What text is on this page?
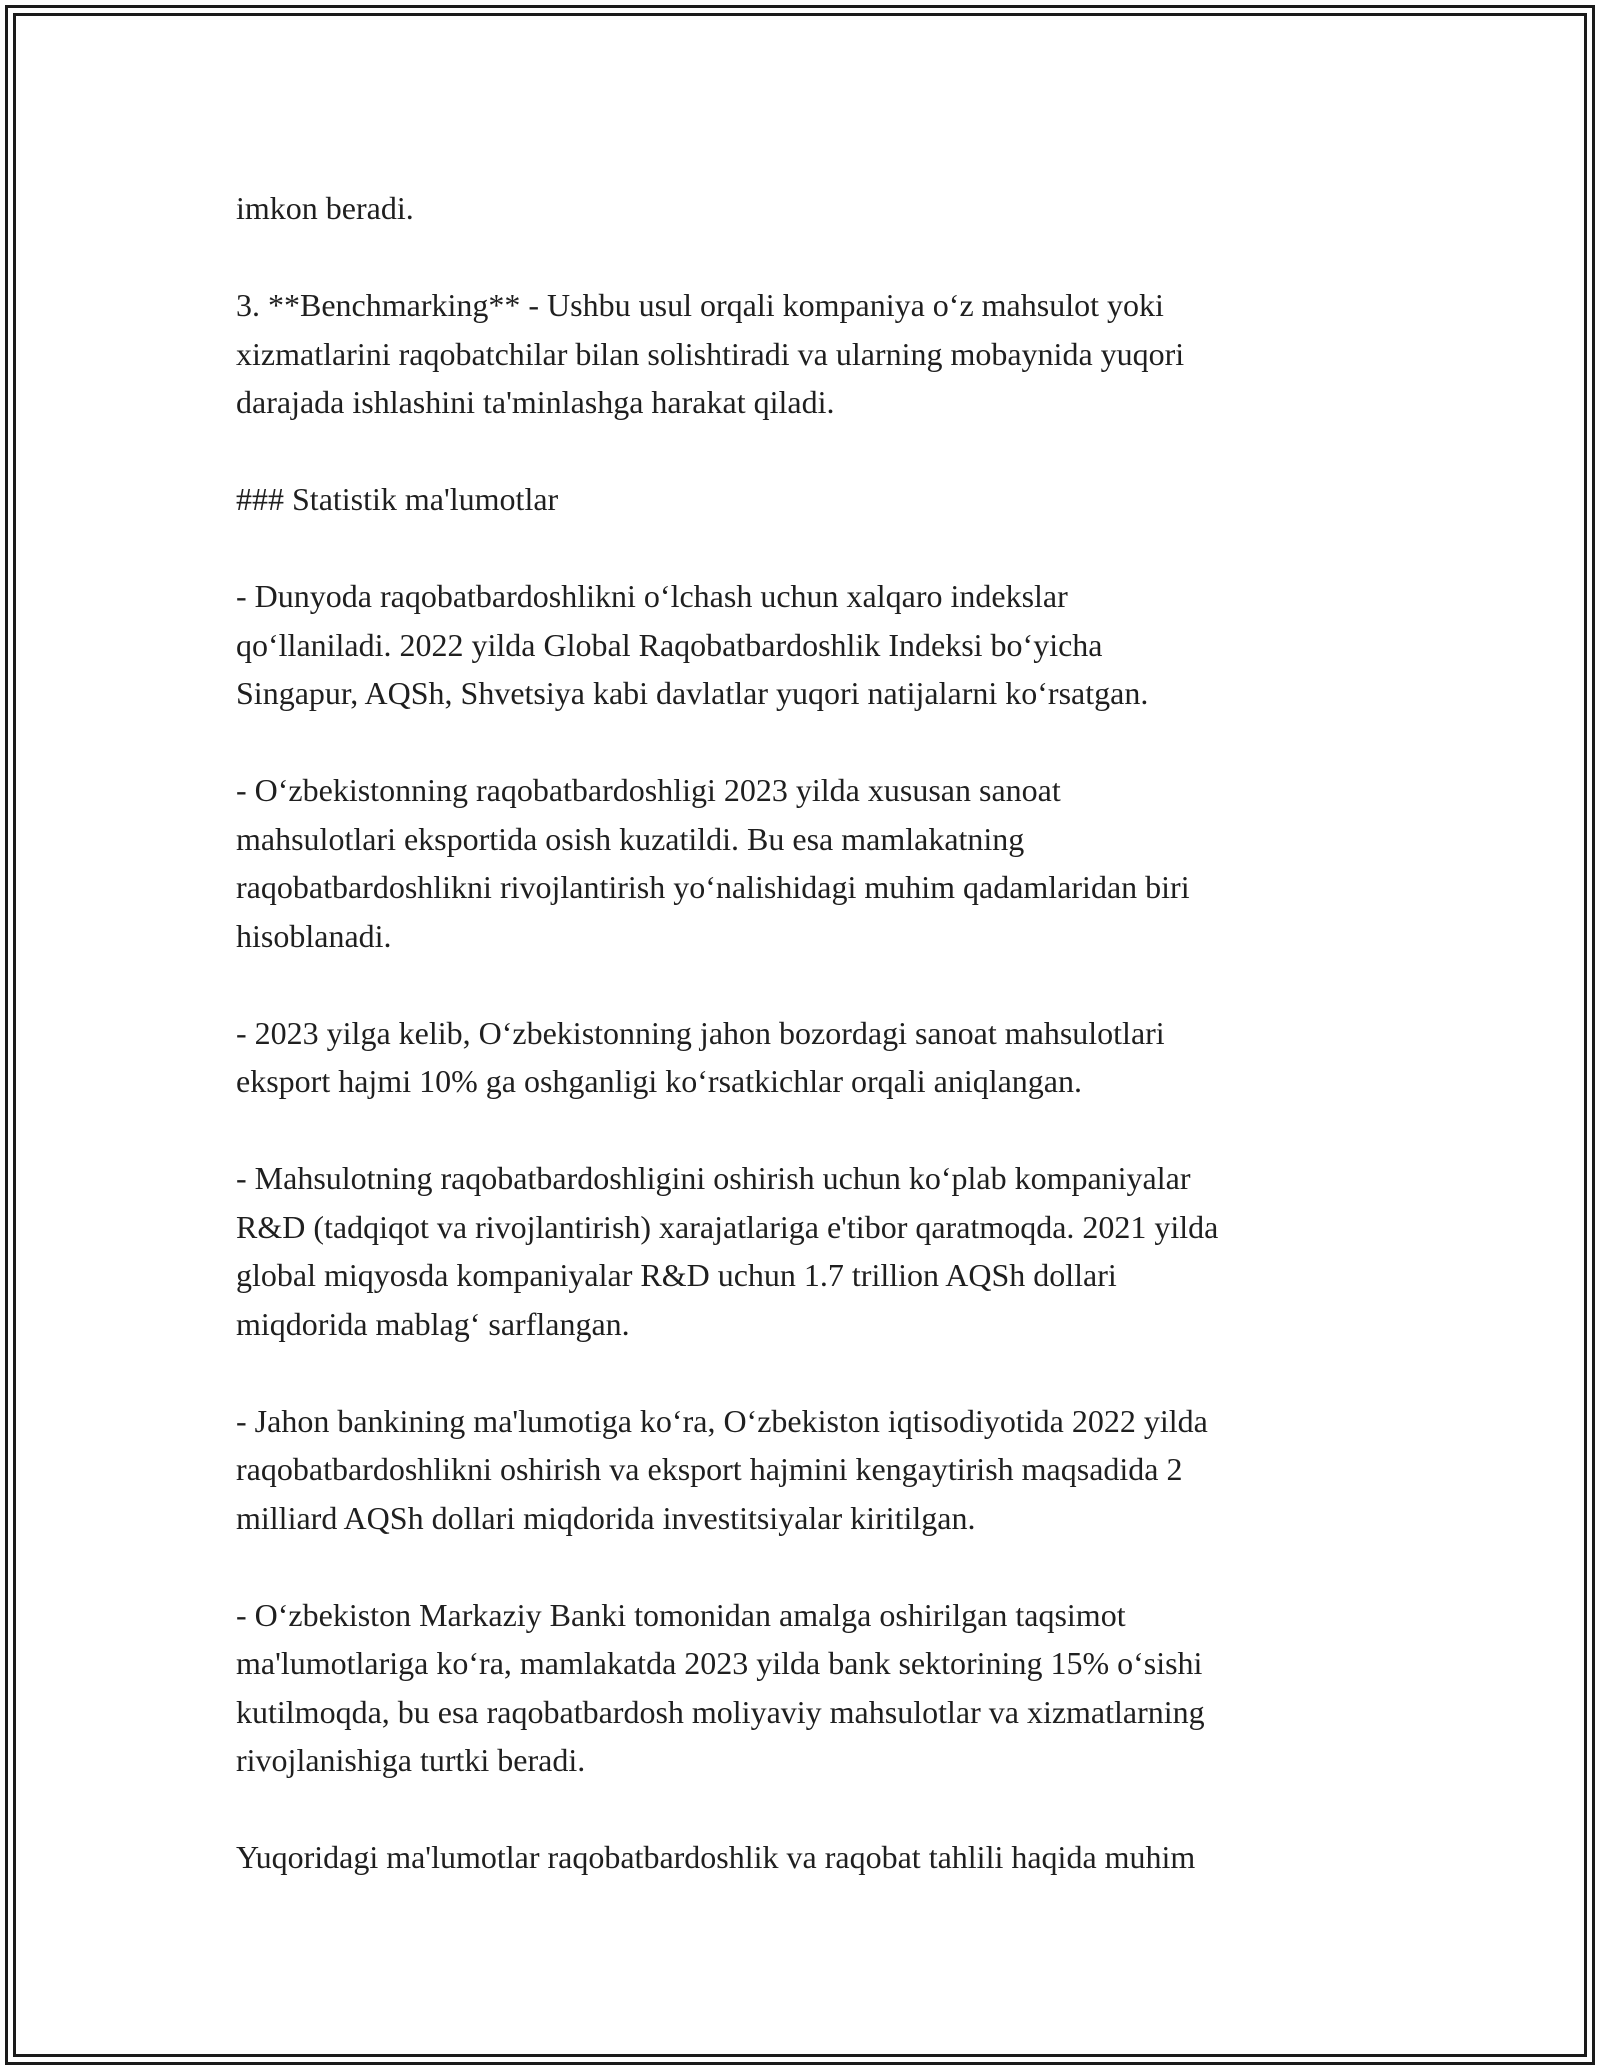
imkon beradi.

3. **Benchmarking** - Ushbu usul orqali kompaniya o‘z mahsulot yoki
xizmatlarini raqobatchilar bilan solishtiradi va ularning mobaynida yuqori
darajada ishlashini ta'minlashga harakat qiladi.

### Statistik ma'lumotlar

- Dunyoda raqobatbardoshlikni o‘lchash uchun xalqaro indekslar
qo‘llaniladi. 2022 yilda Global Raqobatbardoshlik Indeksi bo‘yicha
Singapur, AQSh, Shvetsiya kabi davlatlar yuqori natijalarni ko‘rsatgan.

- O‘zbekistonning raqobatbardoshligi 2023 yilda xususan sanoat
mahsulotlari eksportida osish kuzatildi. Bu esa mamlakatning
raqobatbardoshlikni rivojlantirish yo‘nalishidagi muhim qadamlaridan biri
hisoblanadi.

- 2023 yilga kelib, O‘zbekistonning jahon bozordagi sanoat mahsulotlari
eksport hajmi 10% ga oshganligi ko‘rsatkichlar orqali aniqlangan.

- Mahsulotning raqobatbardoshligini oshirish uchun ko‘plab kompaniyalar
R&D (tadqiqot va rivojlantirish) xarajatlariga e'tibor qaratmoqda. 2021 yilda
global miqyosda kompaniyalar R&D uchun 1.7 trillion AQSh dollari
miqdorida mablag‘ sarflangan.

- Jahon bankining ma'lumotiga ko‘ra, O‘zbekiston iqtisodiyotida 2022 yilda
raqobatbardoshlikni oshirish va eksport hajmini kengaytirish maqsadida 2
milliard AQSh dollari miqdorida investitsiyalar kiritilgan.

- O‘zbekiston Markaziy Banki tomonidan amalga oshirilgan taqsimot
ma'lumotlariga ko‘ra, mamlakatda 2023 yilda bank sektorining 15% o‘sishi
kutilmoqda, bu esa raqobatbardosh moliyaviy mahsulotlar va xizmatlarning
rivojlanishiga turtki beradi.

Yuqoridagi ma'lumotlar raqobatbardoshlik va raqobat tahlili haqida muhim
